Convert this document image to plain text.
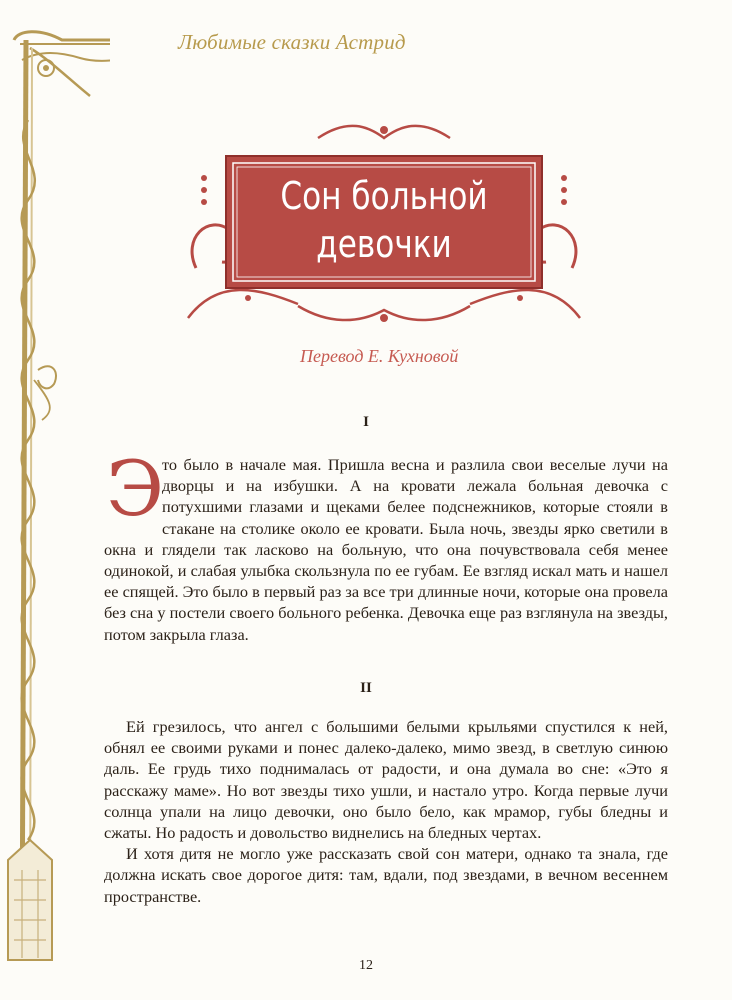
Любимые сказки Астрид
Сон больной
девочки
Перевод Е. Кухновой
I
Э

то было в начале мая. Пришла весна и разлила свои веселые лучи на дворцы и на избушки. А на кровати лежала больная девочка с потухшими глазами и щеками белее подснежников, которые стояли в стакане на столике около ее кровати. Была ночь, звезды ярко светили в окна и глядели так ласково на больную, что она почувствовала себя менее одинокой, и слабая улыбка скользнула по ее губам. Ее взгляд искал мать и нашел ее спящей. Это было в первый раз за все три длинные ночи, которые она провела без сна у постели своего больного ребенка. Девочка еще раз взглянула на звезды, потом закрыла глаза.

II

Ей грезилось, что ангел с большими белыми крыльями спустился к ней, обнял ее своими руками и понес далеко-далеко, мимо звезд, в светлую синюю даль. Ее грудь тихо поднималась от радости, и она думала во сне: «Это я расскажу маме». Но вот звезды тихо ушли, и настало утро. Когда первые лучи солнца упали на лицо девочки, оно было бело, как мрамор, губы бледны и сжаты. Но радость и довольство виднелись на бледных чертах.

И хотя дитя не могло уже рассказать свой сон матери, однако та знала, где должна искать свое дорогое дитя: там, вдали, под звездами, в вечном весеннем пространстве.

12
